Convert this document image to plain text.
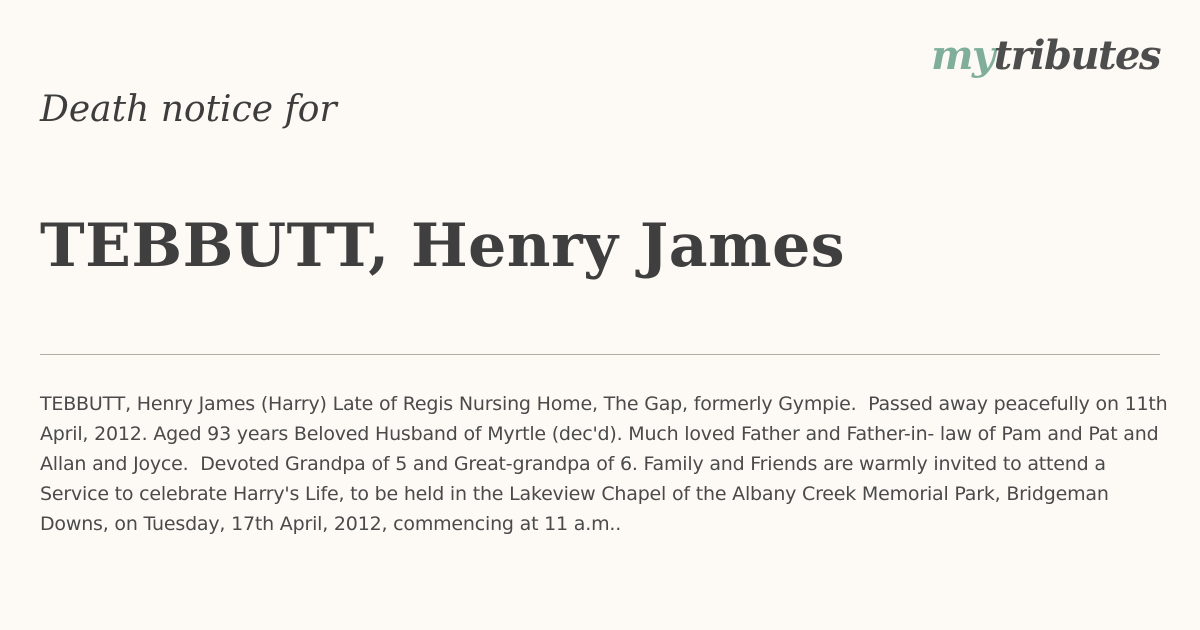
mytributes
Death notice for
TEBBUTT, Henry James
TEBBUTT, Henry James (Harry) Late of Regis Nursing Home, The Gap, formerly Gympie.  Passed away peacefully on 11th April, 2012. Aged 93 years Beloved Husband of Myrtle (dec'd). Much loved Father and Father-in- law of Pam and Pat and Allan and Joyce.  Devoted Grandpa of 5 and Great-grandpa of 6. Family and Friends are warmly invited to attend a Service to celebrate Harry's Life, to be held in the Lakeview Chapel of the Albany Creek Memorial Park, Bridgeman Downs, on Tuesday, 17th April, 2012, commencing at 11 a.m..
